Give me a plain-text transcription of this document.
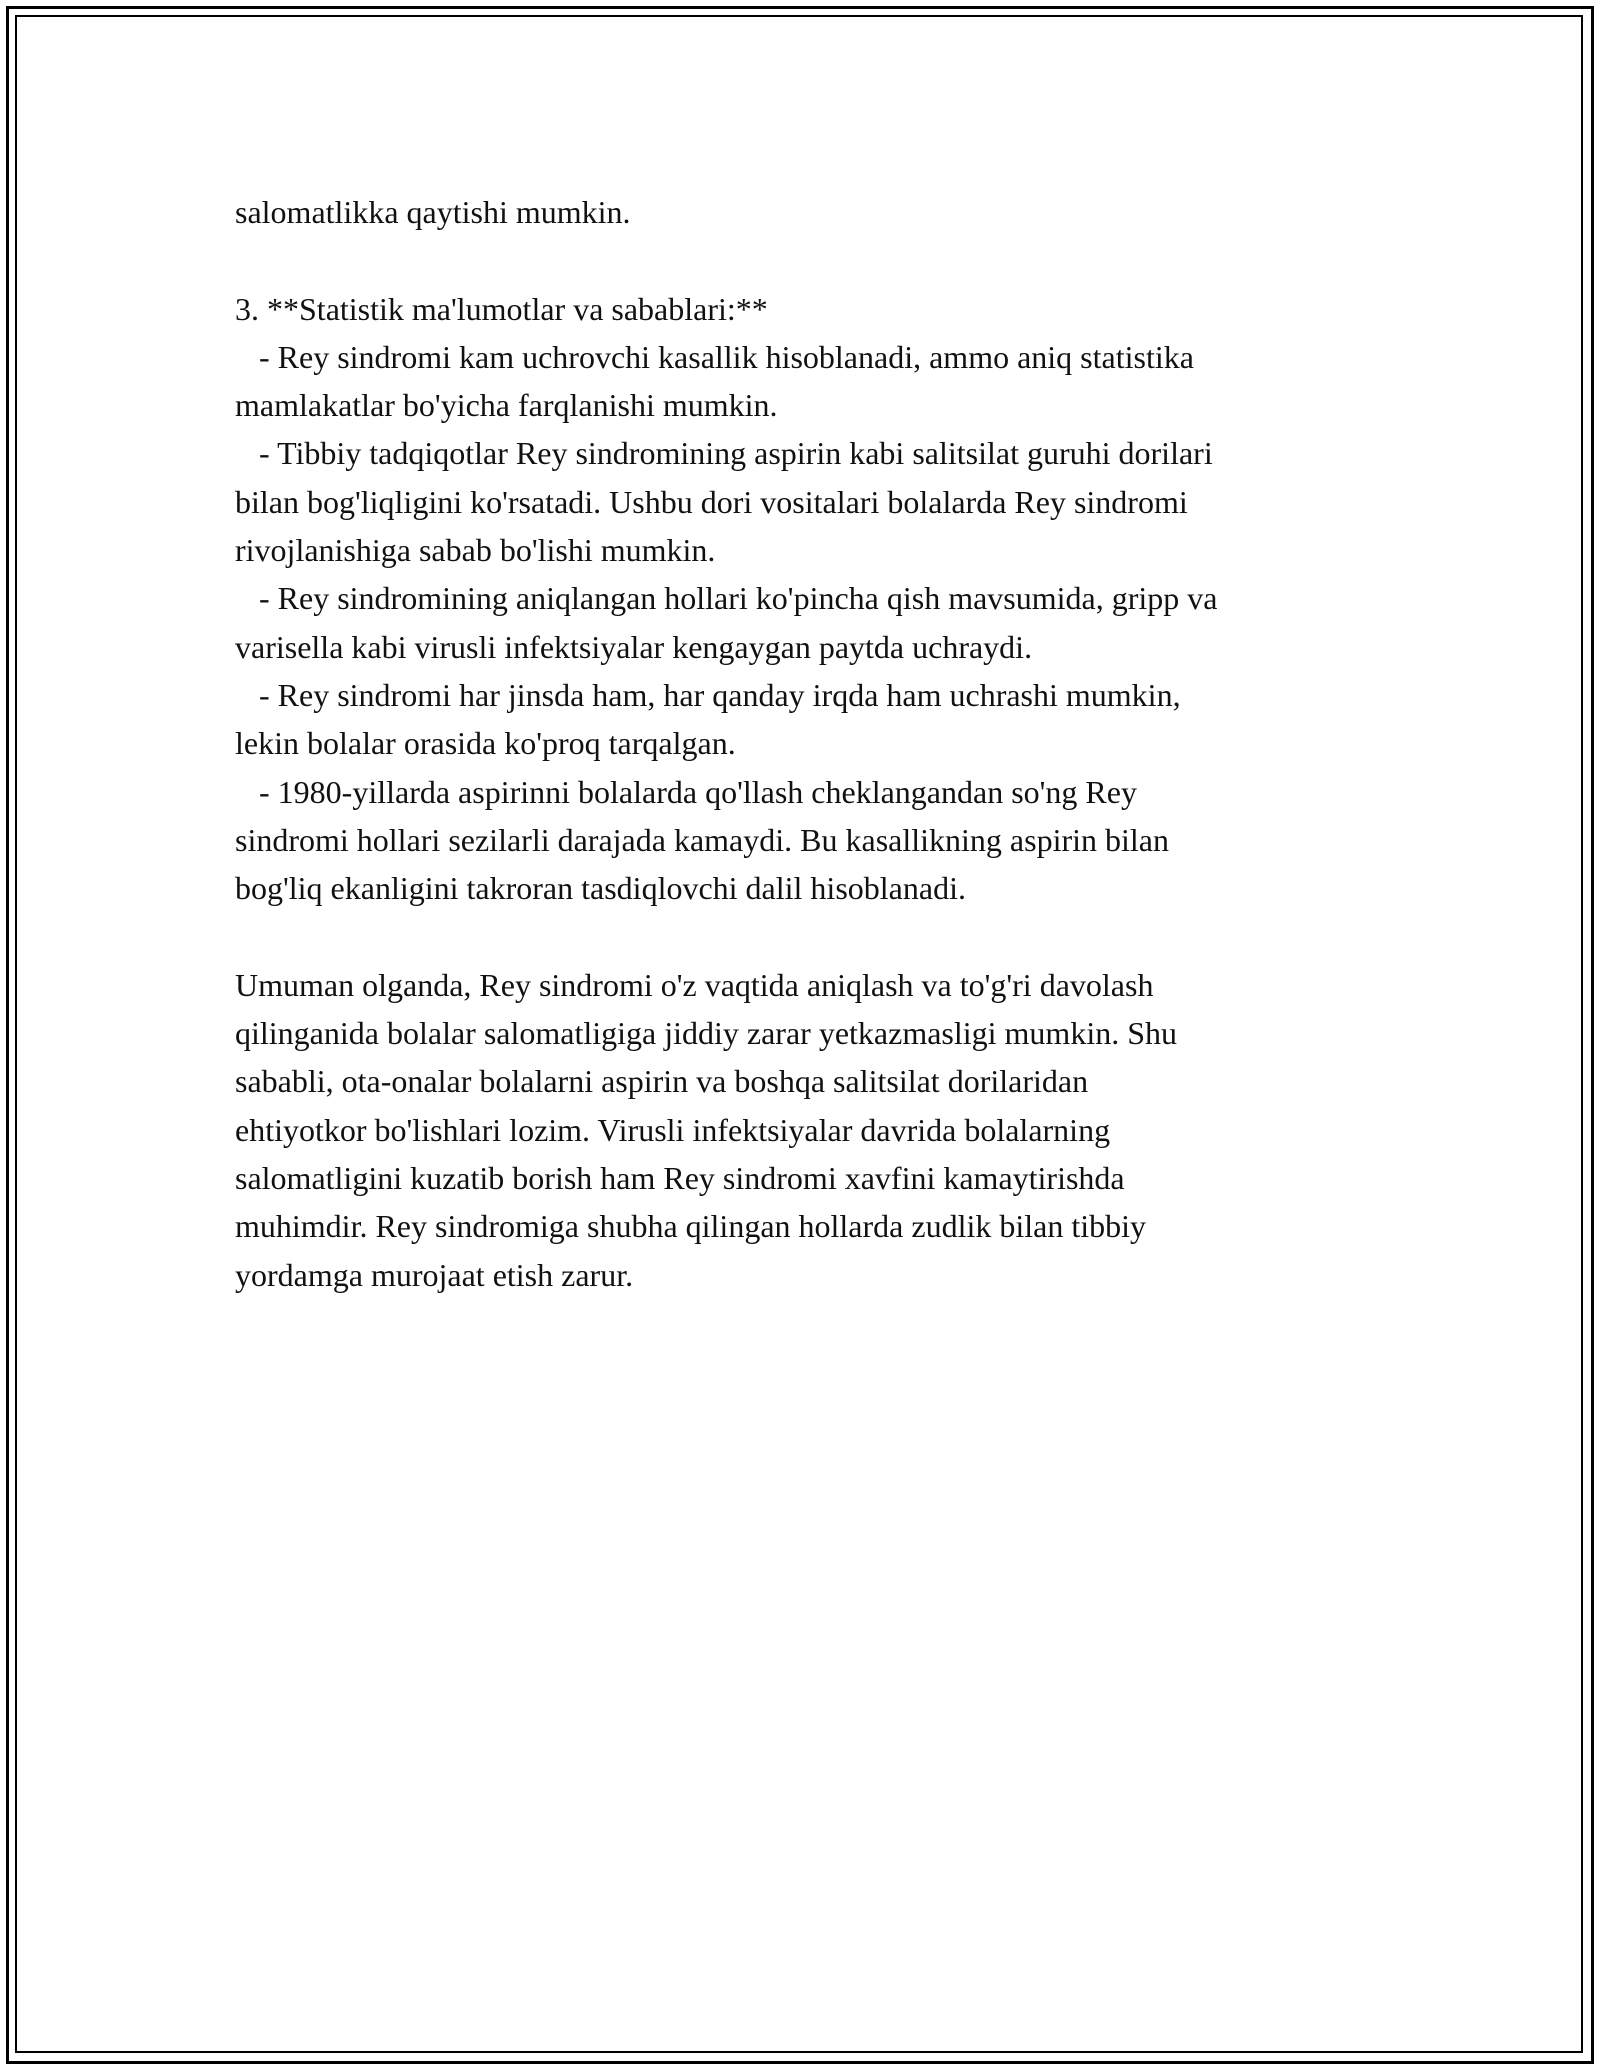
salomatlikka qaytishi mumkin.
3. **Statistik ma'lumotlar va sabablari:**
- Rey sindromi kam uchrovchi kasallik hisoblanadi, ammo aniq statistika
mamlakatlar bo'yicha farqlanishi mumkin.
- Tibbiy tadqiqotlar Rey sindromining aspirin kabi salitsilat guruhi dorilari
bilan bog'liqligini ko'rsatadi. Ushbu dori vositalari bolalarda Rey sindromi
rivojlanishiga sabab bo'lishi mumkin.
- Rey sindromining aniqlangan hollari ko'pincha qish mavsumida, gripp va
varisella kabi virusli infektsiyalar kengaygan paytda uchraydi.
- Rey sindromi har jinsda ham, har qanday irqda ham uchrashi mumkin,
lekin bolalar orasida ko'proq tarqalgan.
- 1980-yillarda aspirinni bolalarda qo'llash cheklangandan so'ng Rey
sindromi hollari sezilarli darajada kamaydi. Bu kasallikning aspirin bilan
bog'liq ekanligini takroran tasdiqlovchi dalil hisoblanadi.
Umuman olganda, Rey sindromi o'z vaqtida aniqlash va to'g'ri davolash
qilinganida bolalar salomatligiga jiddiy zarar yetkazmasligi mumkin. Shu
sababli, ota-onalar bolalarni aspirin va boshqa salitsilat dorilaridan
ehtiyotkor bo'lishlari lozim. Virusli infektsiyalar davrida bolalarning
salomatligini kuzatib borish ham Rey sindromi xavfini kamaytirishda
muhimdir. Rey sindromiga shubha qilingan hollarda zudlik bilan tibbiy
yordamga murojaat etish zarur.
